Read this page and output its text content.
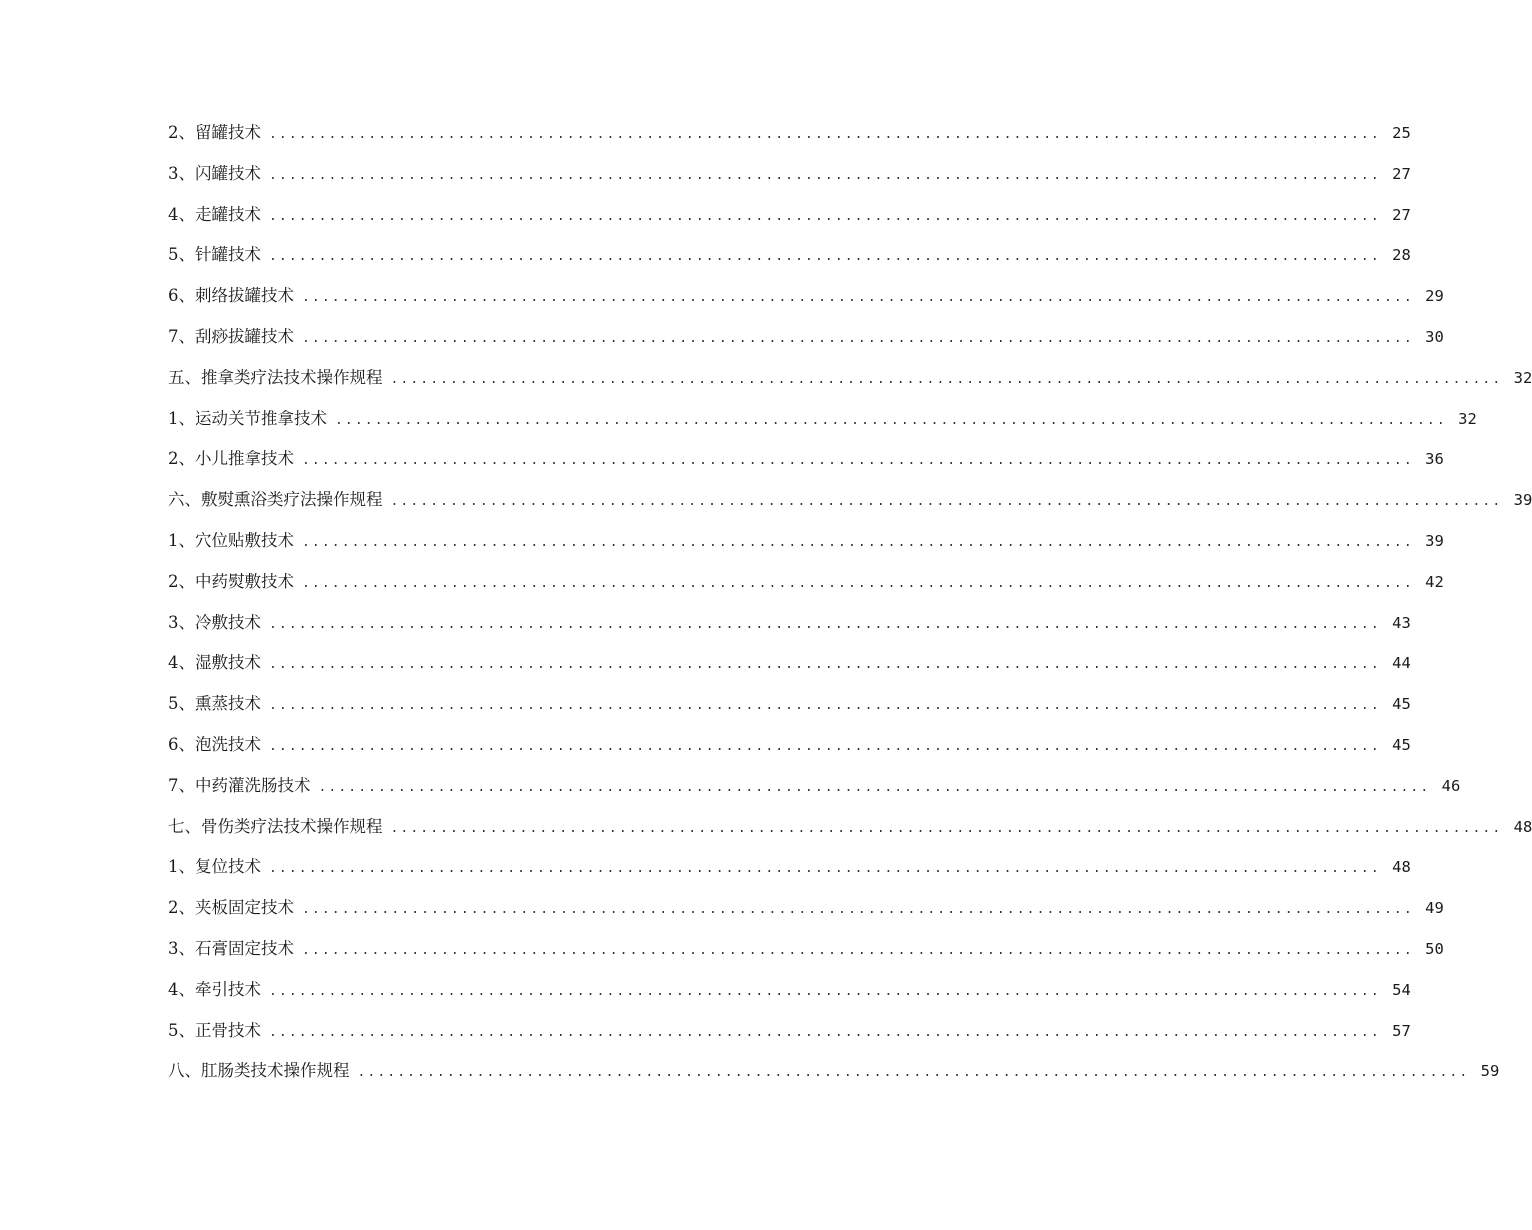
2、留罐技术 ................................................................................................................ 25
3、闪罐技术 ................................................................................................................ 27
4、走罐技术 ................................................................................................................ 27
5、针罐技术 ................................................................................................................ 28
6、刺络拔罐技术 ................................................................................................................ 29
7、刮痧拔罐技术 ................................................................................................................ 30
五、推拿类疗法技术操作规程 ................................................................................................................ 32
1、运动关节推拿技术 ................................................................................................................ 32
2、小儿推拿技术 ................................................................................................................ 36
六、敷熨熏浴类疗法操作规程 ................................................................................................................ 39
1、穴位贴敷技术 ................................................................................................................ 39
2、中药熨敷技术 ................................................................................................................ 42
3、冷敷技术 ................................................................................................................ 43
4、湿敷技术 ................................................................................................................ 44
5、熏蒸技术 ................................................................................................................ 45
6、泡洗技术 ................................................................................................................ 45
7、中药灌洗肠技术 ................................................................................................................ 46
七、骨伤类疗法技术操作规程 ................................................................................................................ 48
1、复位技术 ................................................................................................................ 48
2、夹板固定技术 ................................................................................................................ 49
3、石膏固定技术 ................................................................................................................ 50
4、牵引技术 ................................................................................................................ 54
5、正骨技术 ................................................................................................................ 57
八、肛肠类技术操作规程 ................................................................................................................ 59
